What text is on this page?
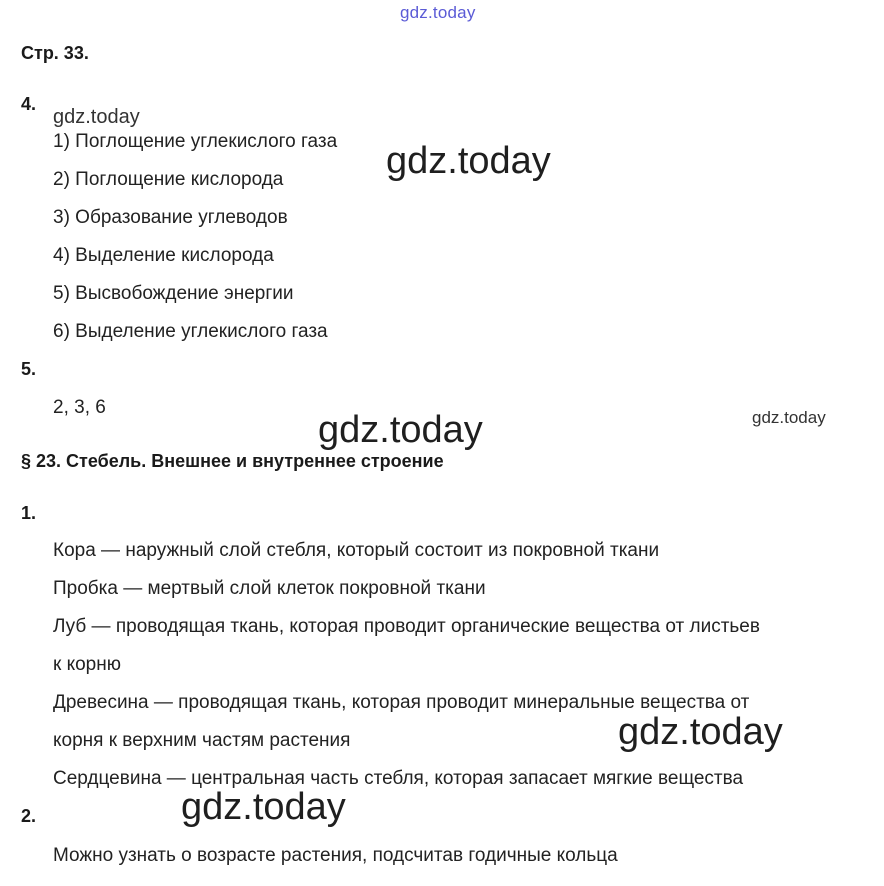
gdz.today
Стр. 33.
4.
gdz.today
1) Поглощение углекислого газа
2) Поглощение кислорода
3) Образование углеводов
4) Выделение кислорода
5) Высвобождение энергии
6) Выделение углекислого газа
gdz.today
5.
2, 3, 6
gdz.today	gdz.today
§ 23. Стебель. Внешнее и внутреннее строение
1.
Кора — наружный слой стебля, который состоит из покровной ткани
Пробка — мертвый слой клеток покровной ткани
Луб — проводящая ткань, которая проводит органические вещества от листьев
к корню
Древесина — проводящая ткань, которая проводит минеральные вещества от
корня к верхним частям растения
Сердцевина — центральная часть стебля, которая запасает мягкие вещества
gdz.today
2.	gdz.today
Можно узнать о возрасте растения, подсчитав годичные кольца
